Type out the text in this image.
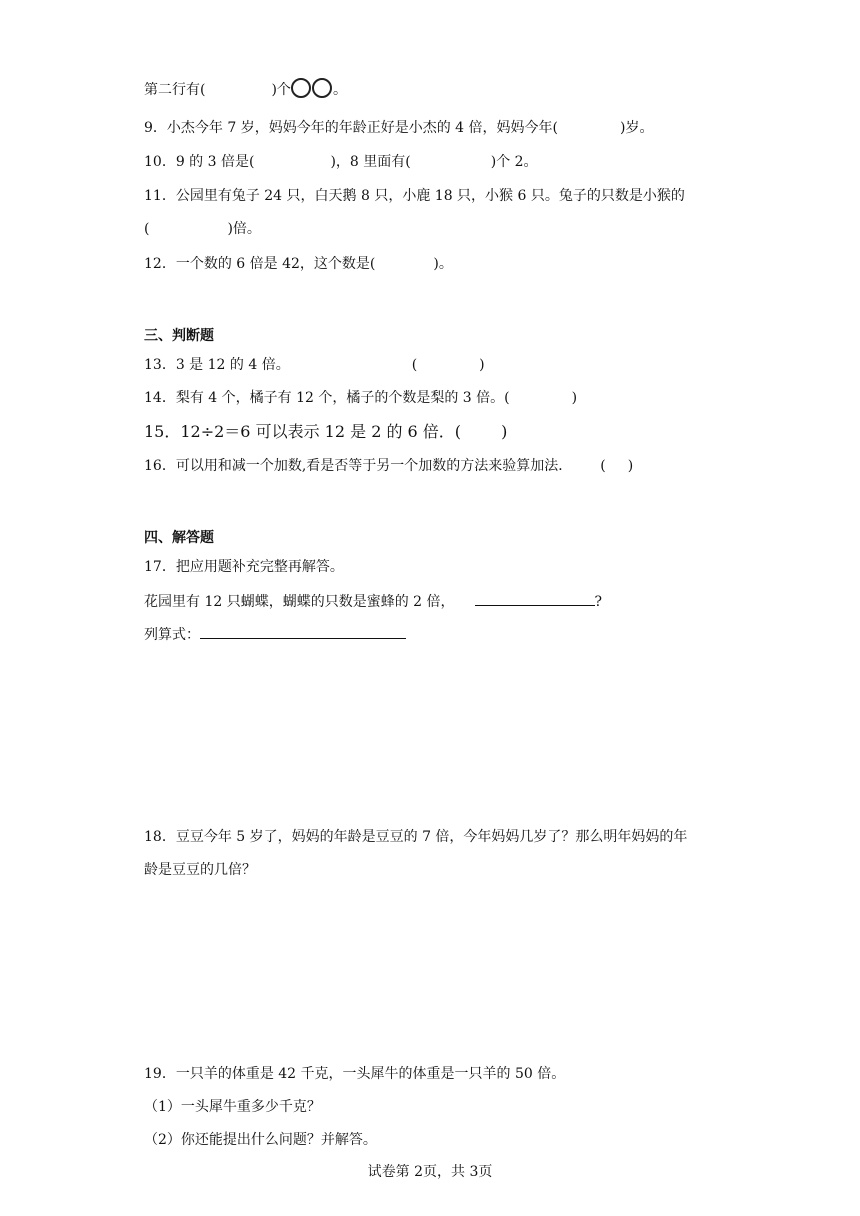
第二行有(	)个	。
9．小杰今年 7 岁，妈妈今年的年龄正好是小杰的 4 倍，妈妈今年(	)岁。
10．9 的 3 倍是(	)，8 里面有(	)个 2。
11．公园里有兔子 24 只，白天鹅 8 只，小鹿 18 只，小猴 6 只。兔子的只数是小猴的
(	)倍。
12．一个数的 6 倍是 42，这个数是(	)。
三、判断题
13．3 是 12 的 4 倍。	(	)
14．梨有 4 个，橘子有 12 个，橘子的个数是梨的 3 倍。(	)
15．12÷2＝6 可以表示 12 是 2 的 6 倍．(	)
16．可以用和减一个加数,看是否等于另一个加数的方法来验算加法． ( )
四、解答题
17．把应用题补充完整再解答。
花园里有 12 只蝴蝶，蝴蝶的只数是蜜蜂的 2 倍，	?
列算式：
18．豆豆今年 5 岁了，妈妈的年龄是豆豆的 7 倍，今年妈妈几岁了？那么明年妈妈的年
龄是豆豆的几倍？
19．一只羊的体重是 42 千克，一头犀牛的体重是一只羊的 50 倍。
（1）一头犀牛重多少千克？
（2）你还能提出什么问题？并解答。
试卷第 2页，共 3页
